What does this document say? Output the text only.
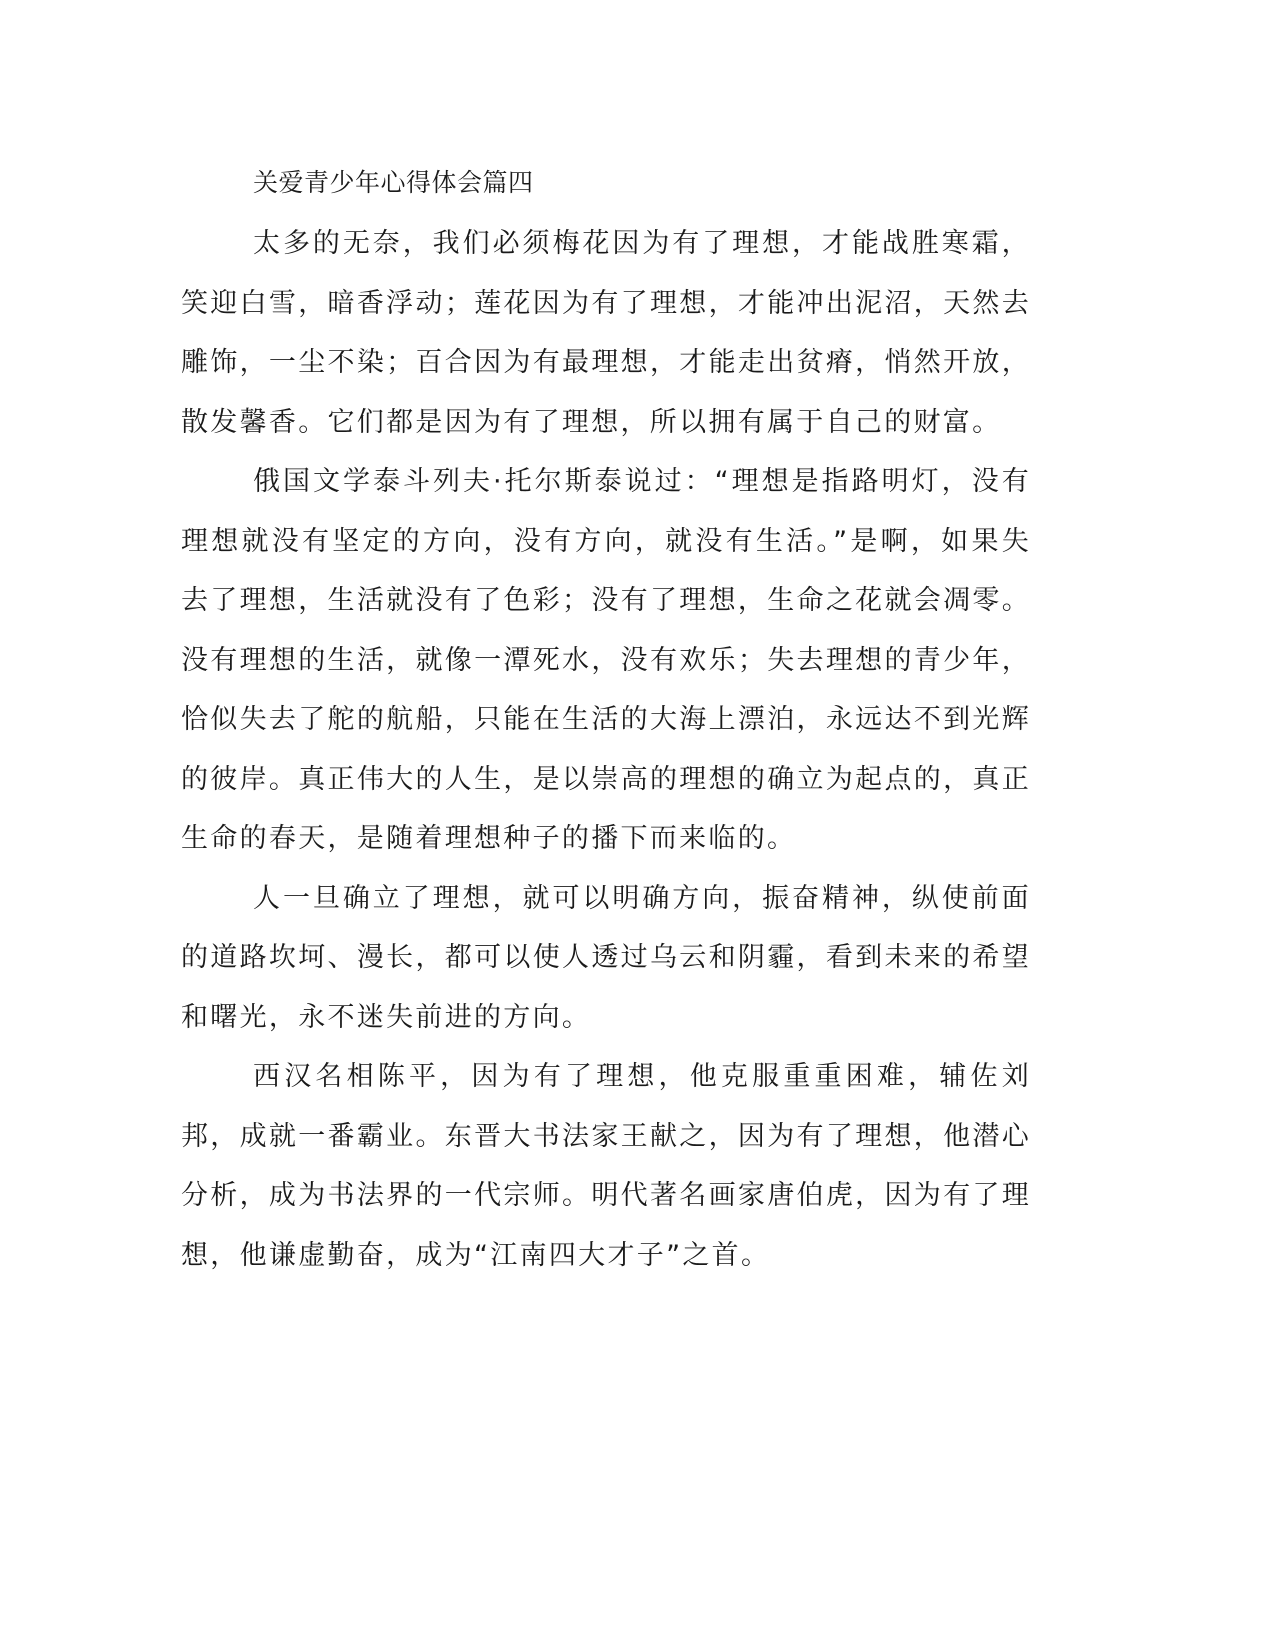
关爱青少年心得体会篇四

太多的无奈，我们必须梅花因为有了理想，才能战胜寒霜，笑迎白雪，暗香浮动；莲花因为有了理想，才能冲出泥沼，天然去雕饰，一尘不染；百合因为有最理想，才能走出贫瘠，悄然开放，散发馨香。它们都是因为有了理想，所以拥有属于自己的财富。

俄国文学泰斗列夫·托尔斯泰说过：“理想是指路明灯，没有理想就没有坚定的方向，没有方向，就没有生活。”是啊，如果失去了理想，生活就没有了色彩；没有了理想，生命之花就会凋零。没有理想的生活，就像一潭死水，没有欢乐；失去理想的青少年，恰似失去了舵的航船，只能在生活的大海上漂泊，永远达不到光辉的彼岸。真正伟大的人生，是以崇高的理想的确立为起点的，真正生命的春天，是随着理想种子的播下而来临的。

人一旦确立了理想，就可以明确方向，振奋精神，纵使前面的道路坎坷、漫长，都可以使人透过乌云和阴霾，看到未来的希望和曙光，永不迷失前进的方向。

西汉名相陈平，因为有了理想，他克服重重困难，辅佐刘邦，成就一番霸业。东晋大书法家王献之，因为有了理想，他潜心分析，成为书法界的一代宗师。明代著名画家唐伯虎，因为有了理想，他谦虚勤奋，成为“江南四大才子”之首。
